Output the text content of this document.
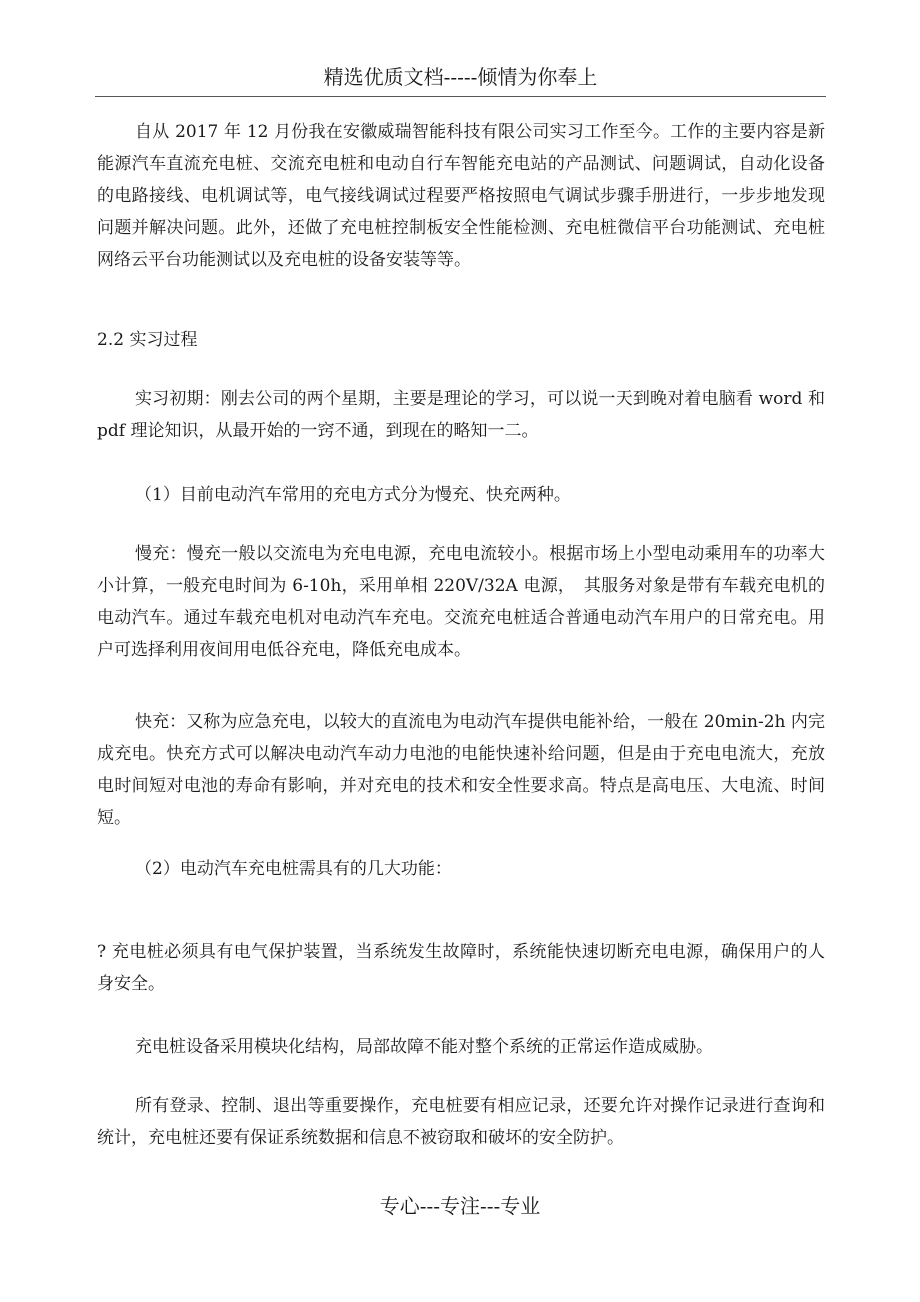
精选优质文档-----倾情为你奉上

自从 2017 年 12 月份我在安徽威瑞智能科技有限公司实习工作至今。工作的主要内容是新能源汽车直流充电桩、交流充电桩和电动自行车智能充电站的产品测试、问题调试，自动化设备的电路接线、电机调试等，电气接线调试过程要严格按照电气调试步骤手册进行，一步步地发现问题并解决问题。此外，还做了充电桩控制板安全性能检测、充电桩微信平台功能测试、充电桩网络云平台功能测试以及充电桩的设备安装等等。

2.2 实习过程

实习初期：刚去公司的两个星期，主要是理论的学习，可以说一天到晚对着电脑看 word 和 pdf 理论知识，从最开始的一窍不通，到现在的略知一二。

（1）目前电动汽车常用的充电方式分为慢充、快充两种。

慢充：慢充一般以交流电为充电电源，充电电流较小。根据市场上小型电动乘用车的功率大小计算，一般充电时间为 6-10h，采用单相 220V/32A 电源，　其服务对象是带有车载充电机的电动汽车。通过车载充电机对电动汽车充电。交流充电桩适合普通电动汽车用户的日常充电。用户可选择利用夜间用电低谷充电，降低充电成本。

快充：又称为应急充电，以较大的直流电为电动汽车提供电能补给，一般在 20min-2h 内完成充电。快充方式可以解决电动汽车动力电池的电能快速补给问题，但是由于充电电流大，充放电时间短对电池的寿命有影响，并对充电的技术和安全性要求高。特点是高电压、大电流、时间短。

（2）电动汽车充电桩需具有的几大功能：

? 充电桩必须具有电气保护装置，当系统发生故障时，系统能快速切断充电电源，确保用户的人身安全。

充电桩设备采用模块化结构，局部故障不能对整个系统的正常运作造成威胁。

所有登录、控制、退出等重要操作，充电桩要有相应记录，还要允许对操作记录进行查询和统计，充电桩还要有保证系统数据和信息不被窃取和破坏的安全防护。

专心---专注---专业
